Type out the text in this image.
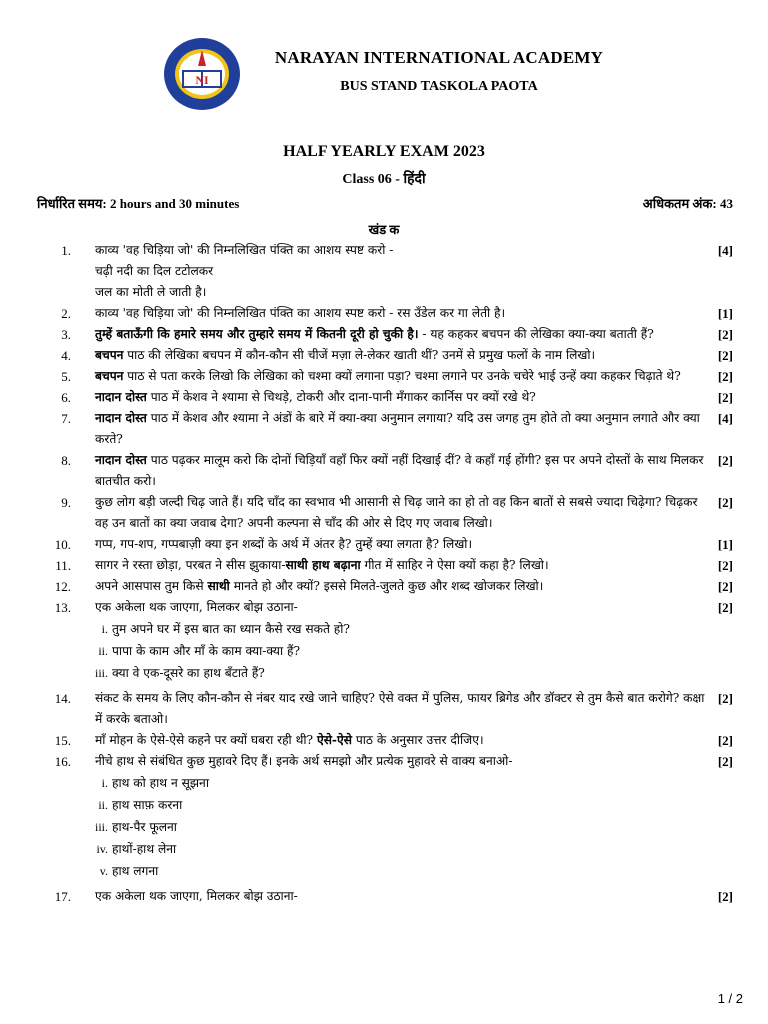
NI
NARAYAN INTERNATIONAL ACADEMY
BUS STAND TASKOLA PAOTA
HALF YEARLY EXAM 2023
Class 06 - हिंदी
निर्धारित समय: 2 hours and 30 minutes	अधिकतम अंक: 43
खंड क
1. काव्य 'वह चिड़िया जो' की निम्नलिखित पंक्ति का आशय स्पष्ट करो -
चढ़ी नदी का दिल टटोलकर
जल का मोती ले जाती है।
[4]
2. काव्य 'वह चिड़िया जो' की निम्नलिखित पंक्ति का आशय स्पष्ट करो - रस उँडेल कर गा लेती है।	[1]
3. तुम्हें बताऊँगी कि हमारे समय और तुम्हारे समय में कितनी दूरी हो चुकी है। - यह कहकर बचपन की लेखिका क्या-क्या बताती हैं?	[2]
4. बचपन पाठ की लेखिका बचपन में कौन-कौन सी चीजें मज़ा ले-लेकर खाती थीं? उनमें से प्रमुख फलों के नाम लिखो।	[2]
5. बचपन पाठ से पता करके लिखो कि लेखिका को चश्मा क्यों लगाना पड़ा? चश्मा लगाने पर उनके चचेरे भाई उन्हें क्या कहकर चिढ़ाते थे?	[2]
6. नादान दोस्त पाठ में केशव ने श्यामा से चिथड़े, टोकरी और दाना-पानी मँगाकर कार्निस पर क्यों रखे थे?	[2]
7. नादान दोस्त पाठ में केशव और श्यामा ने अंडों के बारे में क्या-क्या अनुमान लगाया? यदि उस जगह तुम होते तो क्या अनुमान लगाते और क्या करते?
[4]
8. नादान दोस्त पाठ पढ़कर मालूम करो कि दोनों चिड़ियाँ वहाँ फिर क्यों नहीं दिखाई दीं? वे कहाँ गई होंगी? इस पर अपने दोस्तों के साथ मिलकर बातचीत करो।
[2]
9. कुछ लोग बड़ी जल्दी चिढ़ जाते हैं। यदि चाँद का स्वभाव भी आसानी से चिढ़ जाने का हो तो वह किन बातों से सबसे ज्यादा चिढ़ेगा? चिढ़कर वह उन बातों का क्या जवाब देगा? अपनी कल्पना से चाँद की ओर से दिए गए जवाब लिखो।
[2]
10. गप्प, गप-शप, गप्पबाज़ी क्या इन शब्दों के अर्थ में अंतर है? तुम्हें क्या लगता है? लिखो।	[1]
11. सागर ने रस्ता छोड़ा, परबत ने सीस झुकाया-साथी हाथ बढ़ाना गीत में साहिर ने ऐसा क्यों कहा है? लिखो।	[2]
12. अपने आसपास तुम किसे साथी मानते हो और क्यों? इससे मिलते-जुलते कुछ और शब्द खोजकर लिखो।	[2]
13. एक अकेला थक जाएगा, मिलकर बोझ उठाना-	[2]
i. तुम अपने घर में इस बात का ध्यान कैसे रख सकते हो?
ii. पापा के काम और माँ के काम क्या-क्या हैं?
iii. क्या वे एक-दूसरे का हाथ बँटाते हैं?
14. संकट के समय के लिए कौन-कौन से नंबर याद रखे जाने चाहिए? ऐसे वक्त में पुलिस, फायर ब्रिगेड और डॉक्टर से तुम कैसे बात करोगे? कक्षा में करके बताओ।
[2]
15. माँ मोहन के ऐसे-ऐसे कहने पर क्यों घबरा रही थी? ऐसे-ऐसे पाठ के अनुसार उत्तर दीजिए।	[2]
16. नीचे हाथ से संबंधित कुछ मुहावरे दिए हैं। इनके अर्थ समझो और प्रत्येक मुहावरे से वाक्य बनाओ-	[2]
i. हाथ को हाथ न सूझना
ii. हाथ साफ़ करना
iii. हाथ-पैर फूलना
iv. हाथों-हाथ लेना
v. हाथ लगना
17. एक अकेला थक जाएगा, मिलकर बोझ उठाना-	[2]
1 / 2
